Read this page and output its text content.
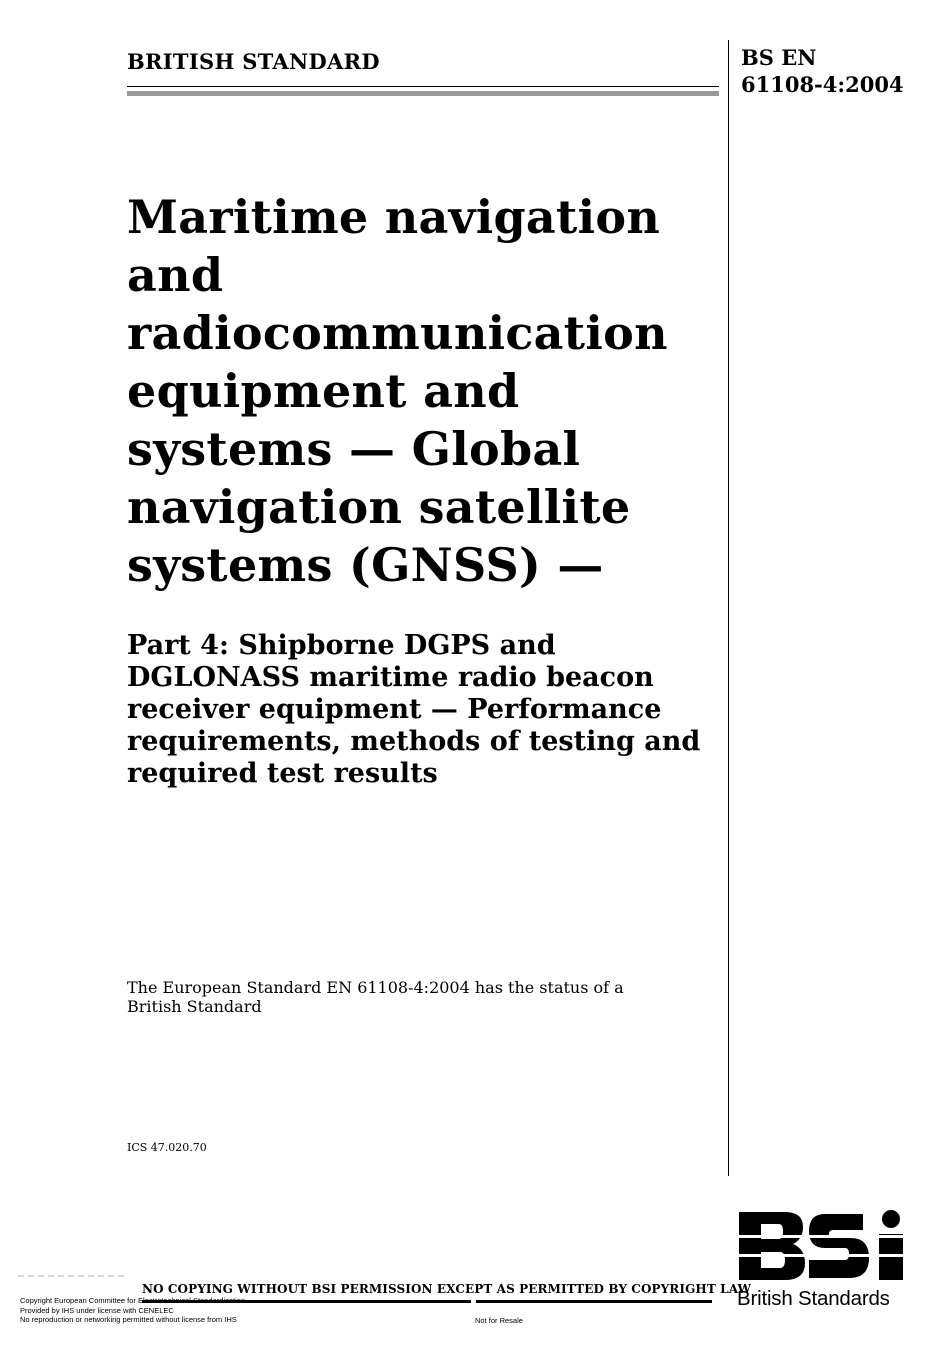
BRITISH STANDARD	BS EN
61108-4:2004
Maritime navigation and radiocommunication equipment and systems — Global navigation satellite systems (GNSS) —
Part 4: Shipborne DGPS and DGLONASS maritime radio beacon receiver equipment — Performance requirements, methods of testing and required test results
The European Standard EN 61108-4:2004 has the status of a British Standard
ICS 47.020.70
British Standards
NO COPYING WITHOUT BSI PERMISSION EXCEPT AS PERMITTED BY COPYRIGHT LAW
Copyright European Committee for Electrotechnical Standardization
Provided by IHS under license with CENELEC
No reproduction or networking permitted without license from IHS	Not for Resale
